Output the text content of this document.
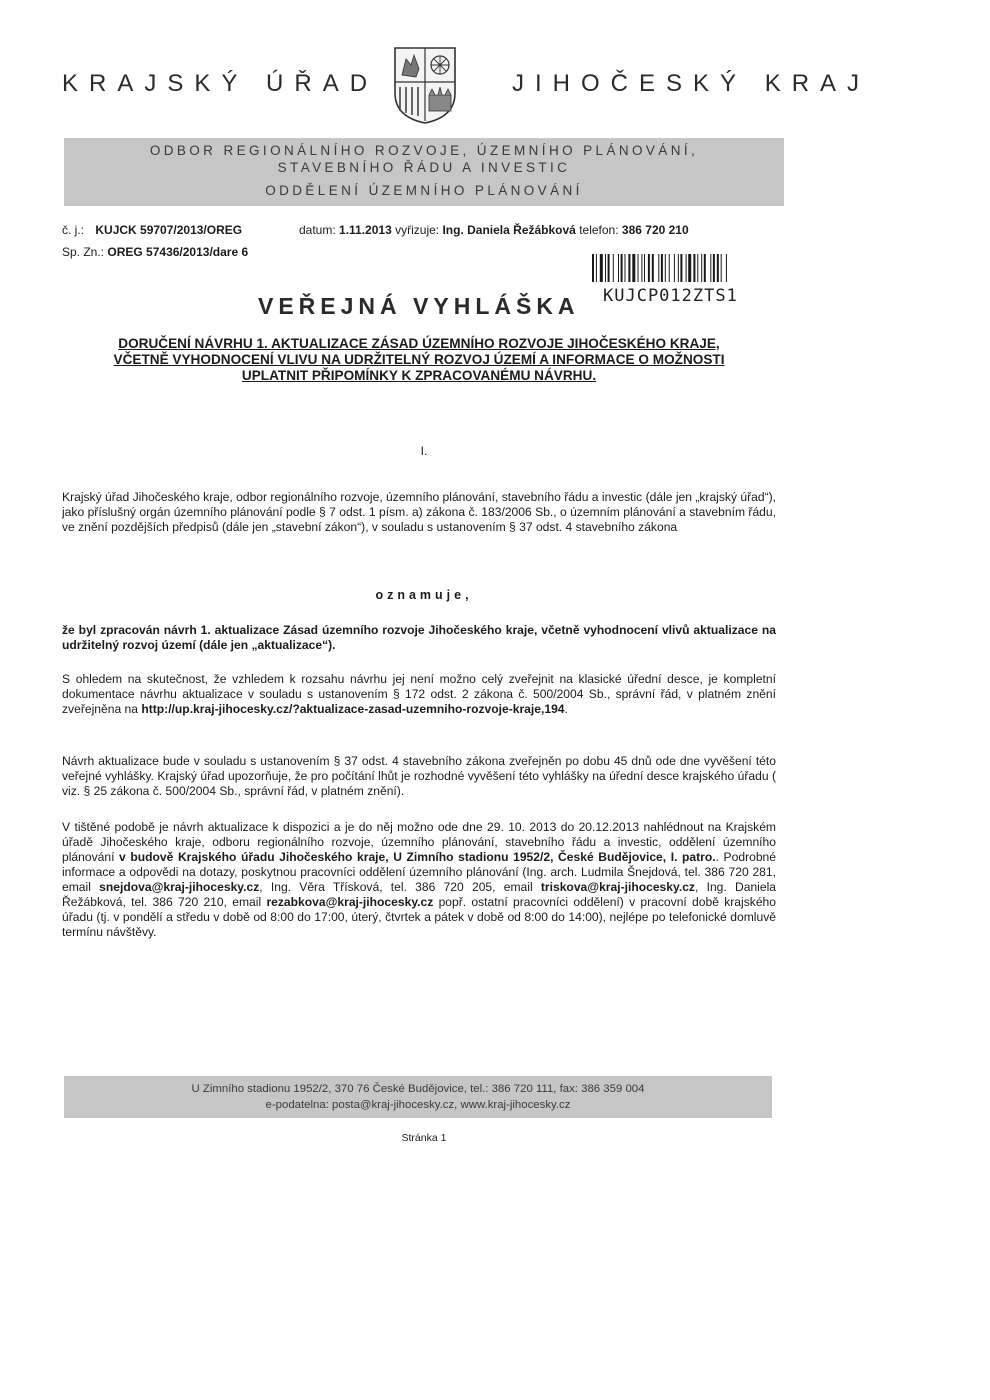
KRAJSKÝ ÚŘAD	JIHOČESKÝ KRAJ
ODBOR REGIONÁLNÍHO ROZVOJE, ÚZEMNÍHO PLÁNOVÁNÍ,
STAVEBNÍHO ŘÁDU A INVESTIC
ODDĚLENÍ ÚZEMNÍHO PLÁNOVÁNÍ
č. j.: KUJCK 59707/2013/OREG	datum: 1.11.2013 vyřizuje: Ing. Daniela Řežábková telefon: 386 720 210
Sp. Zn.: OREG 57436/2013/dare 6
KUJCP012ZTS1
VEŘEJNÁ VYHLÁŠKA
DORUČENÍ NÁVRHU 1. AKTUALIZACE ZÁSAD ÚZEMNÍHO ROZVOJE JIHOČESKÉHO KRAJE,
VČETNĚ VYHODNOCENÍ VLIVU NA UDRŽITELNÝ ROZVOJ ÚZEMÍ A INFORMACE O MOŽNOSTI
UPLATNIT PŘIPOMÍNKY K ZPRACOVANÉMU NÁVRHU.
I.
Krajský úřad Jihočeského kraje, odbor regionálního rozvoje, územního plánování, stavebního řádu a investic (dále jen „krajský úřad“), jako příslušný orgán územního plánování podle § 7 odst. 1 písm. a) zákona č. 183/2006 Sb., o územním plánování a stavebním řádu, ve znění pozdějších předpisů (dále jen „stavební zákon“), v souladu s ustanovením § 37 odst. 4 stavebního zákona
oznamuje,
že byl zpracován návrh 1. aktualizace Zásad územního rozvoje Jihočeského kraje, včetně vyhodnocení vlivů aktualizace na udržitelný rozvoj území (dále jen „aktualizace“).
S ohledem na skutečnost, že vzhledem k rozsahu návrhu jej není možno celý zveřejnit na klasické úřední desce, je kompletní dokumentace návrhu aktualizace v souladu s ustanovením § 172 odst. 2 zákona č. 500/2004 Sb., správní řád, v platném znění zveřejněna na http://up.kraj-jihocesky.cz/?aktualizace-zasad-uzemniho-rozvoje-kraje,194.
Návrh aktualizace bude v souladu s ustanovením § 37 odst. 4 stavebního zákona zveřejněn po dobu 45 dnů ode dne vyvěšení této veřejné vyhlášky. Krajský úřad upozorňuje, že pro počítání lhůt je rozhodné vyvěšení této vyhlášky na úřední desce krajského úřadu ( viz. § 25 zákona č. 500/2004 Sb., správní řád, v platném znění).
V tištěné podobě je návrh aktualizace k dispozici a je do něj možno ode dne 29. 10. 2013 do 20.12.2013 nahlédnout na Krajském úřadě Jihočeského kraje, odboru regionálního rozvoje, územního plánování, stavebního řádu a investic, oddělení územního plánování v budově Krajského úřadu Jihočeského kraje, U Zimního stadionu 1952/2, České Budějovice, I. patro.. Podrobné informace a odpovědi na dotazy, poskytnou pracovníci oddělení územního plánování (Ing. arch. Ludmila Šnejdová, tel. 386 720 281, email snejdova@kraj-jihocesky.cz, Ing. Věra Třísková, tel. 386 720 205, email triskova@kraj-jihocesky.cz, Ing. Daniela Řežábková, tel. 386 720 210, email rezabkova@kraj-jihocesky.cz popř. ostatní pracovníci oddělení) v pracovní době krajského úřadu (tj. v pondělí a středu v době od 8:00 do 17:00, úterý, čtvrtek a pátek v době od 8:00 do 14:00), nejlépe po telefonické domluvě termínu návštěvy.
U Zimního stadionu 1952/2, 370 76 České Budějovice, tel.: 386 720 111, fax: 386 359 004
e-podatelna: posta@kraj-jihocesky.cz, www.kraj-jihocesky.cz
Stránka 1
